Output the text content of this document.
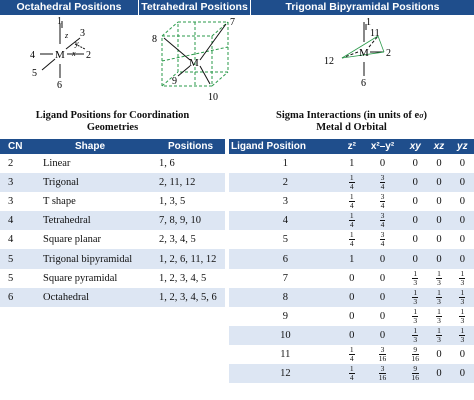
Octahedral Positions	Tetrahedral Positions	Trigonal Bipyramidal Positions
M
1
6
4	2
3
5
z
y
x
M
7
8
9
10
M
1
11
2
12
6
Ligand Positions for Coordination
Geometries
Sigma Interactions (in units of eσ)
Metal d Orbital
CN	Shape	Positions
2	Linear	1, 6
3	Trigonal	2, 11, 12
3	T shape	1, 3, 5
4	Tetrahedral	7, 8, 9, 10
4	Square planar	2, 3, 4, 5
5	Trigonal bipyramidal	1, 2, 6, 11, 12
5	Square pyramidal	1, 2, 3, 4, 5
6	Octahedral	1, 2, 3, 4, 5, 6
Ligand Position	z²	x²–y²	xy	xz	yz
1	1	0	0	0	0
2	$\frac{1}{4}$	$\frac{3}{4}$	0	0	0
3	$\frac{1}{4}$	$\frac{3}{4}$	0	0	0
4	$\frac{1}{4}$	$\frac{3}{4}$	0	0	0
5	$\frac{1}{4}$	$\frac{3}{4}$	0	0	0
6	1	0	0	0	0
7	0	0	$\frac{1}{3}$	$\frac{1}{3}$	$\frac{1}{3}$

8	0	0	$\frac{1}{3}$	$\frac{1}{3}$	$\frac{1}{3}$

9	0	0	$\frac{1}{3}$	$\frac{1}{3}$	$\frac{1}{3}$

10	0	0	$\frac{1}{3}$	$\frac{1}{3}$	$\frac{1}{3}$

11	$\frac{1}{4}$	$\frac{3}{16}$	$\frac{9}{16}$	0	0
12	$\frac{1}{4}$	$\frac{3}{16}$	$\frac{9}{16}$	0	0
